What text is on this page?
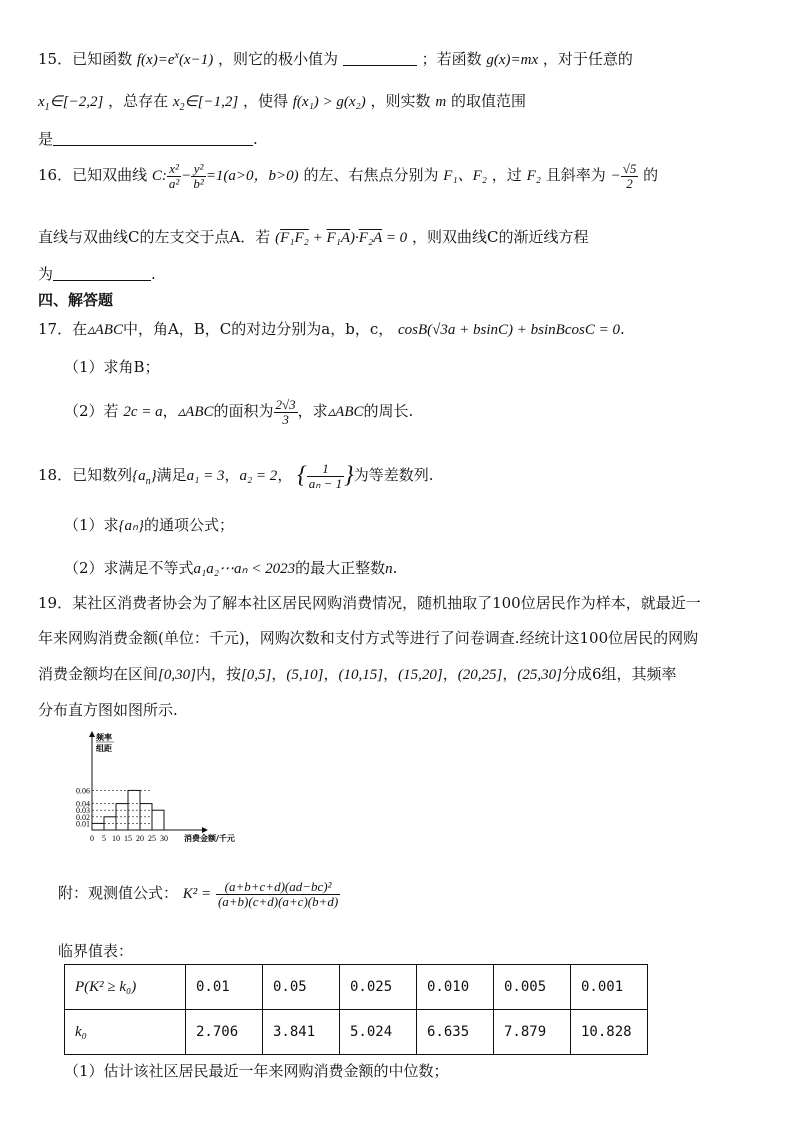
15．已知函数 $f(x)=e^x(x-1)$ ，则它的极小值为	；若函数 g(x)=mx ，对于任意的
$x_1\in[-2,2]$ ，总存在 $x_2\in[-1,2]$ ，使得 f(x₁) > g(x₂) ，则实数 m 的取值范围
是	.
16．已知双曲线 C: $\frac{\text{x²}}{\text{a²}} - \frac{\text{y²}}{\text{b²}} =1(a>0$，b>0) 的左、右焦点分别为 F₁、F₂ ，过 F₂ 且斜率为 − $\frac{√5}{2}$ 的
直线与双曲线C的左支交于点A．若 (F₁F₂ + F₁A)·F₂A = 0 ，则双曲线C的渐近线方程
为	.
四、解答题
17．在▵ABC中，角A，B，C的对边分别为a，b，c， cosB(√3a + bsinC) + bsinBcosC = 0.
（1）求角B；
（2）若 2c = a，▵ABC的面积为 $\frac{2√3}{3}$ ，求▵ABC的周长.
18．已知数列$\{a_n\}$满足a₁ = 3，a₂ = 2， { $\frac{1}{\text{aₙ − 1}}$ }为等差数列.
（1）求{aₙ}的通项公式；
（2）求满足不等式a₁a₂⋯aₙ < 2023的最大正整数n.
19．某社区消费者协会为了解本社区居民网购消费情况，随机抽取了100位居民作为样本，就最近一
年来网购消费金额(单位：千元)，网购次数和支付方式等进行了问卷调查.经统计这100位居民的网购
消费金额均在区间[0,30]内，按[0,5]，(5,10]，(10,15]，(15,20]，(20,25]，(25,30]分成6组，其频率
分布直方图如图所示.
0.01
0.02
0.03
0.04
0.06
0 5 10 15 20 25 30 消费金额/千元
频率
组距
附：观测值公式： $K^2 = \frac{\text{(a+b+c+d)(ad−bc)²}}{(a+b)(c+d)(a+c)(b+d)}$
临界值表：
P(K² ≥ k₀)	0.01	0.05	0.025	0.010	0.005	0.001
k₀	2.706	3.841	5.024	6.635	7.879	10.828
（1）估计该社区居民最近一年来网购消费金额的中位数；
